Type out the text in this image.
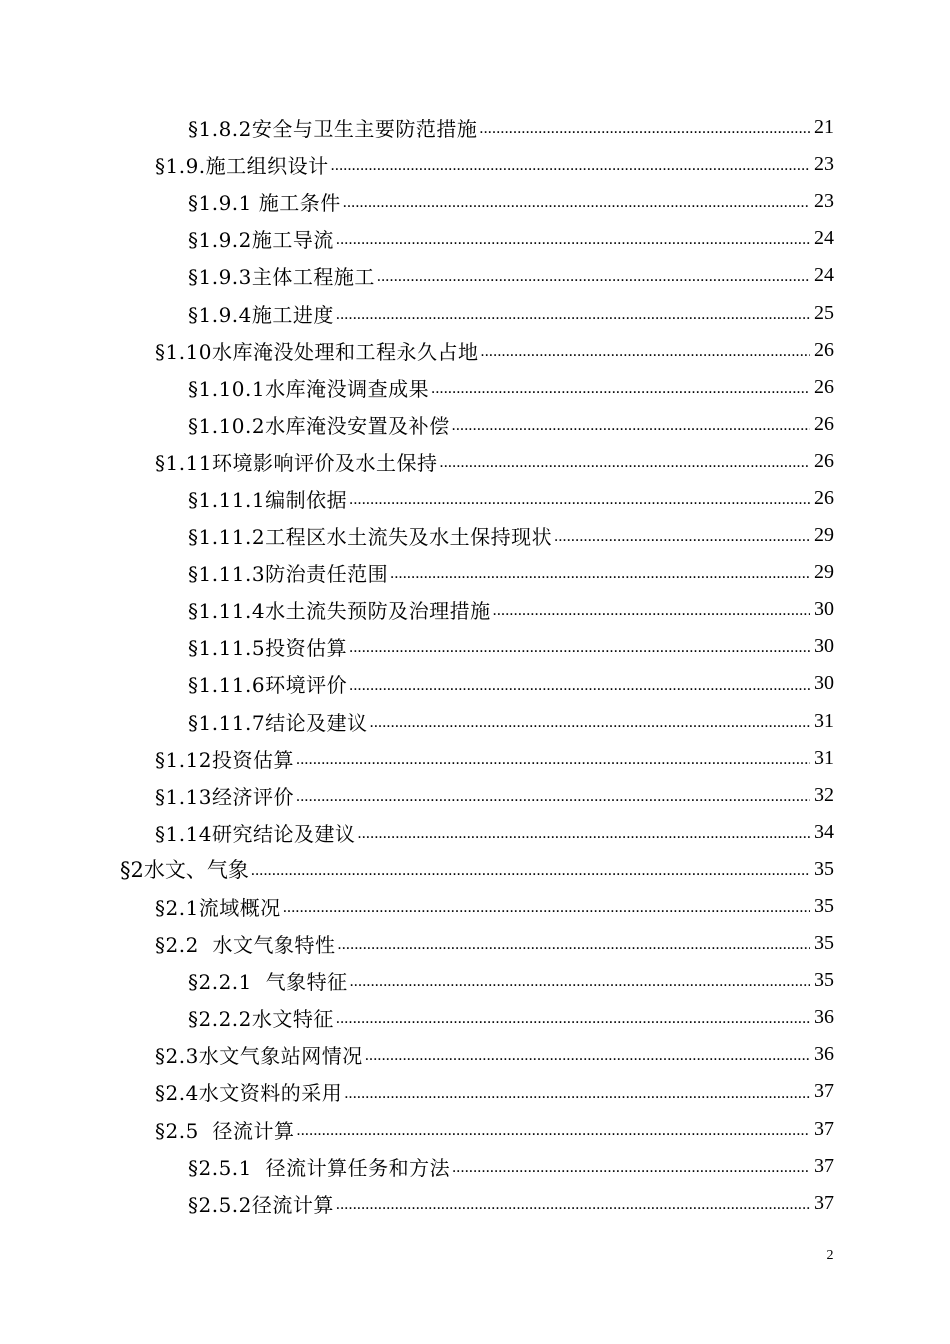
§1.8.2安全与卫生主要防范措施 .....	21
§1.9.施工组织设计 .....	23
§1.9.1 施工条件 .....	23
§1.9.2施工导流 .....	24
§1.9.3主体工程施工 .....	24
§1.9.4施工进度 .....	25
§1.10水库淹没处理和工程永久占地 .....	26
§1.10.1水库淹没调查成果 .....	26
§1.10.2水库淹没安置及补偿 .....	26
§1.11环境影响评价及水土保持 .....	26
§1.11.1编制依据 .....	26
§1.11.2工程区水土流失及水土保持现状 .....	29
§1.11.3防治责任范围 .....	29
§1.11.4水土流失预防及治理措施 .....	30
§1.11.5投资估算 .....	30
§1.11.6环境评价 .....	30
§1.11.7结论及建议 .....	31
§1.12投资估算 .....	31
§1.13经济评价 .....	32
§1.14研究结论及建议 .....	34
§2水文、气象 .....	35
§2.1流域概况 .....	35
§2.2  水文气象特性 .....	35
§2.2.1  气象特征 .....	35
§2.2.2水文特征 .....	36
§2.3水文气象站网情况 .....	36
§2.4水文资料的采用 .....	37
§2.5  径流计算 .....	37
§2.5.1  径流计算任务和方法 .....	37
§2.5.2径流计算 .....	37
2
